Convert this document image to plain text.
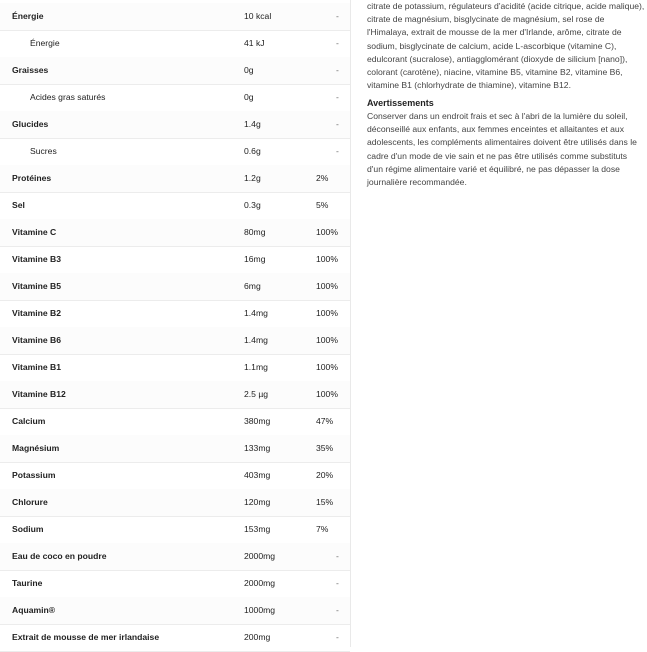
Énergie	10 kcal	-
Énergie	41 kJ	-
Graisses	0g	-
Acides gras saturés	0g	-
Glucides	1.4g	-
Sucres	0.6g	-
Protéines	1.2g	2%
Sel	0.3g	5%
Vitamine C	80mg	100%
Vitamine B3	16mg	100%
Vitamine B5	6mg	100%
Vitamine B2	1.4mg	100%
Vitamine B6	1.4mg	100%
Vitamine B1	1.1mg	100%
Vitamine B12	2.5 µg	100%
Calcium	380mg	47%
Magnésium	133mg	35%
Potassium	403mg	20%
Chlorure	120mg	15%
Sodium	153mg	7%
Eau de coco en poudre	2000mg	-
Taurine	2000mg	-
Aquamin®	1000mg	-
Extrait de mousse de mer irlandaise	200mg	-

citrate de potassium, régulateurs d'acidité (acide citrique, acide malique), citrate de magnésium, bisglycinate de magnésium, sel rose de l'Himalaya, extrait de mousse de la mer d'Irlande, arôme, citrate de sodium, bisglycinate de calcium, acide L-ascorbique (vitamine C), edulcorant (sucralose), antiagglomérant (dioxyde de silicium [nano]), colorant (carotène), niacine, vitamine B5, vitamine B2, vitamine B6, vitamine B1 (chlorhydrate de thiamine), vitamine B12.

Avertissements

Conserver dans un endroit frais et sec à l'abri de la lumière du soleil, déconseillé aux enfants, aux femmes enceintes et allaitantes et aux adolescents, les compléments alimentaires doivent être utilisés dans le cadre d'un mode de vie sain et ne pas être utilisés comme substituts d'un régime alimentaire varié et équilibré, ne pas dépasser la dose journalière recommandée.
